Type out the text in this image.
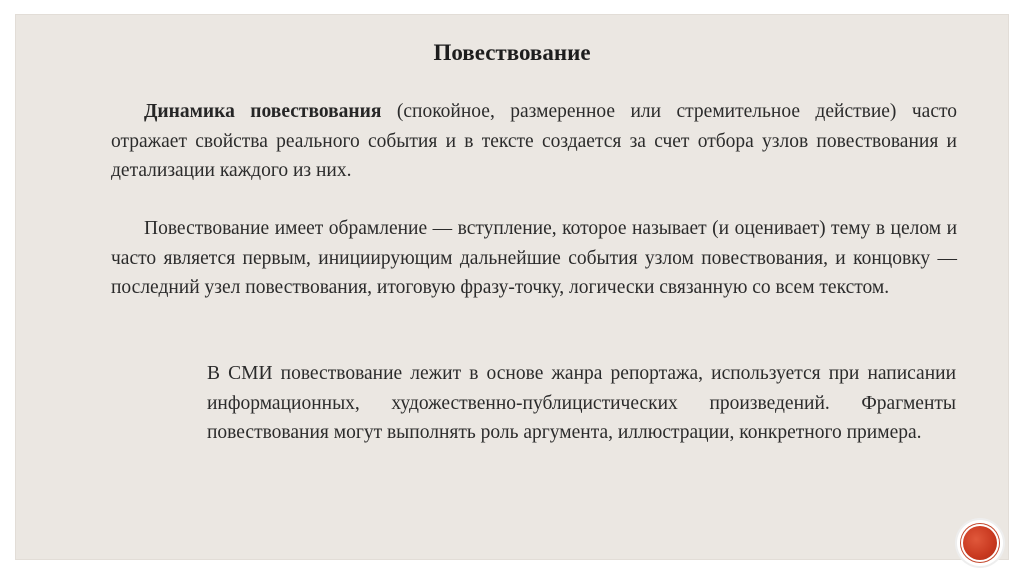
Повествование

Динамика повествования (спокойное, размеренное или стремительное действие) часто отражает свойства реального события и в тексте создается за счет отбора узлов повествования и детализации каждого из них.

Повествование имеет обрамление — вступление, которое называет (и оценивает) тему в целом и часто является первым, инициирующим дальнейшие события узлом повествования, и концовку — последний узел повествования, итоговую фразу-точку, логически связанную со всем текстом.

В СМИ повествование лежит в основе жанра репортажа, используется при написании информационных, художественно-публицистических произведений. Фрагменты повествования могут выполнять роль аргумента, иллюстрации, конкретного примера.
